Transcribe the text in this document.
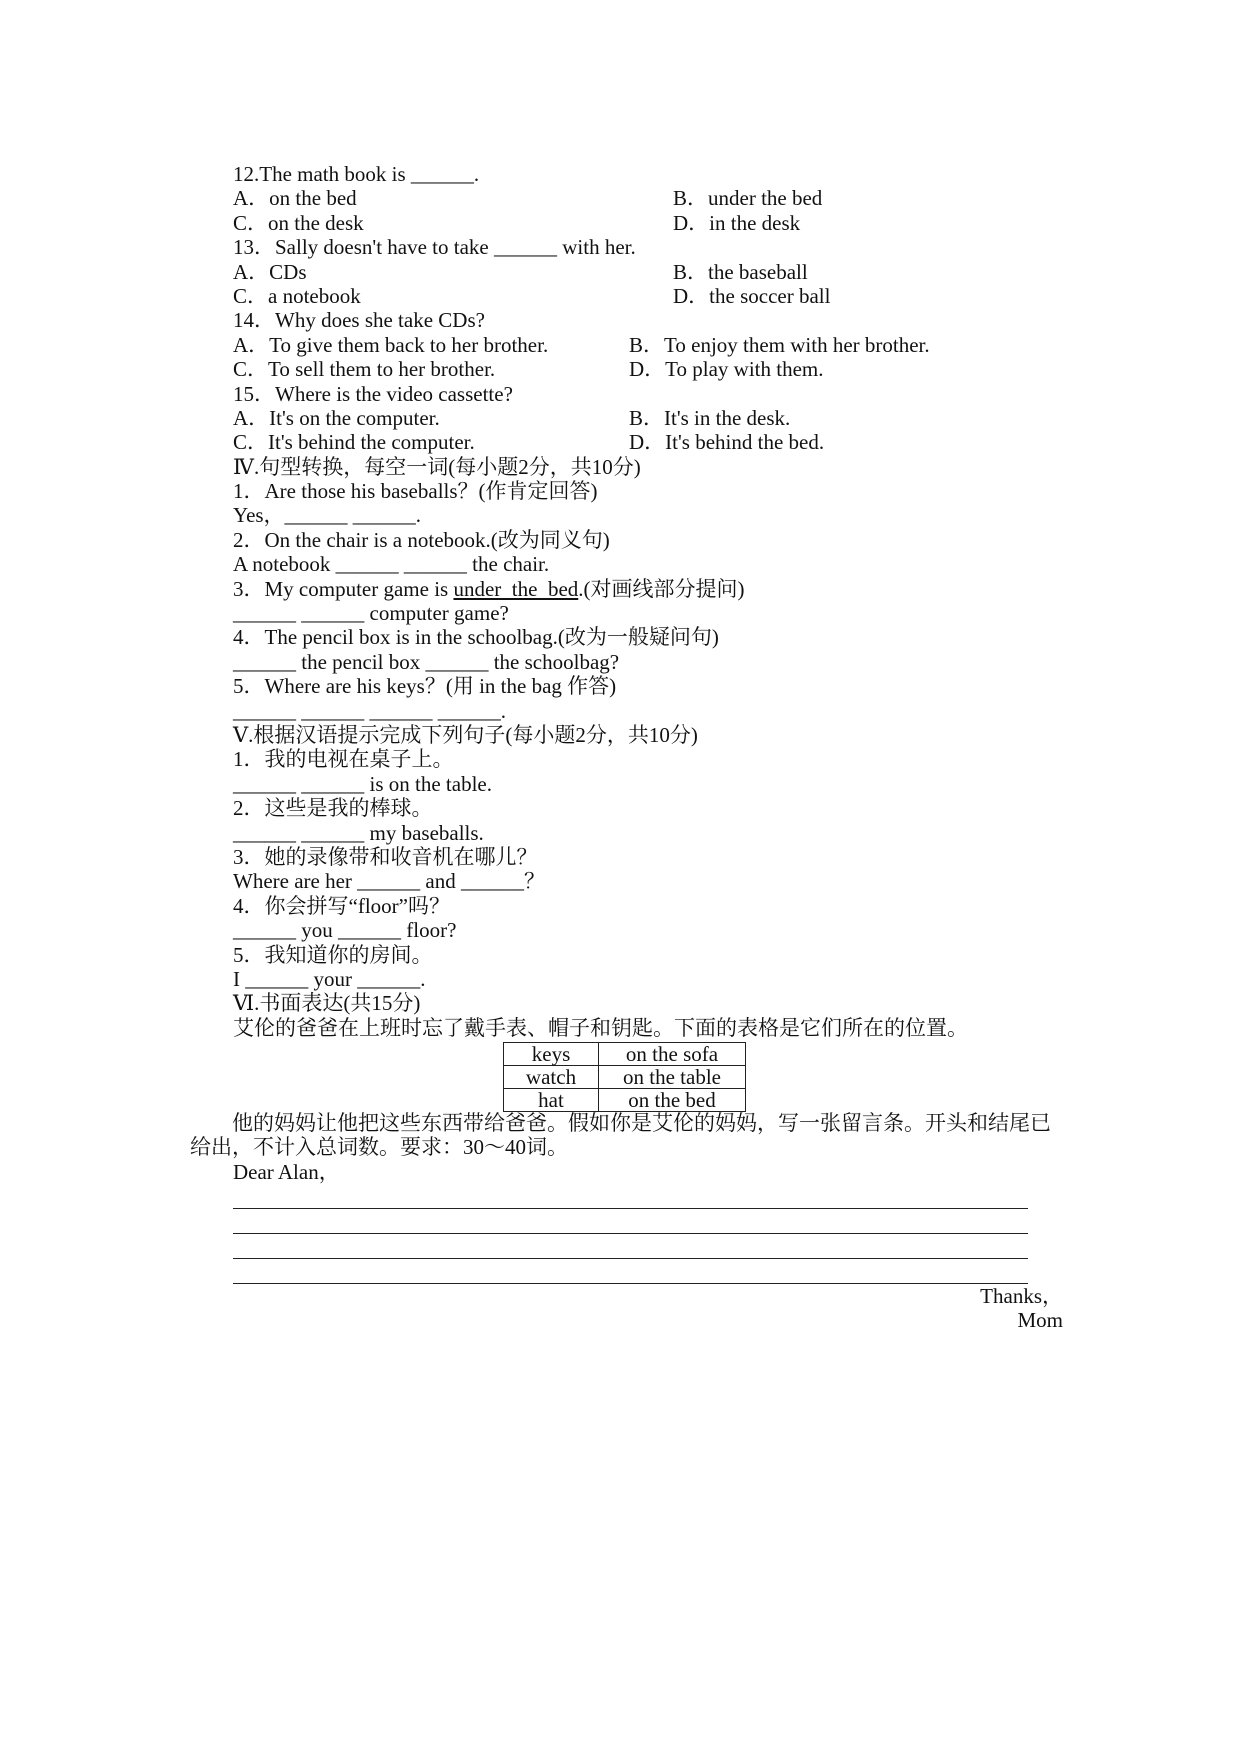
12.The math book is ______.
A．on the bed	B．under the bed
C．on the desk	D．in the desk
13．Sally doesn't have to take ______ with her.
A．CDs	B．the baseball
C．a notebook	D．the soccer ball
14．Why does she take CDs?
A．To give them back to her brother.	B．To enjoy them with her brother.
C．To sell them to her brother.	D．To play with them.
15．Where is the video cassette?
A．It's on the computer.	B．It's in the desk.
C．It's behind the computer.	D．It's behind the bed.
Ⅳ.句型转换，每空一词(每小题2分，共10分)
1．Are those his baseballs？(作肯定回答)
Yes，______ ______.
2．On the chair is a notebook.(改为同义句)
A notebook ______ ______ the chair.
3．My computer game is under  the  bed.(对画线部分提问)
______ ______ computer game?
4．The pencil box is in the schoolbag.(改为一般疑问句)
______ the pencil box ______ the schoolbag?
5．Where are his keys？(用 in the bag 作答)
______ ______ ______ ______.
Ⅴ.根据汉语提示完成下列句子(每小题2分，共10分)
1．我的电视在桌子上。
______ ______ is on the table.
2．这些是我的棒球。
______ ______ my baseballs.
3．她的录像带和收音机在哪儿？
Where are her ______ and ______？
4．你会拼写“floor”吗？
______ you ______ floor?
5．我知道你的房间。
I ______ your ______.
Ⅵ.书面表达(共15分)
艾伦的爸爸在上班时忘了戴手表、帽子和钥匙。下面的表格是它们所在的位置。
keys	on the sofa
watch	on the table
hat	on the bed
他的妈妈让他把这些东西带给爸爸。假如你是艾伦的妈妈，写一张留言条。开头和结尾已给出，不计入总词数。要求：30～40词。
Dear Alan，
Thanks，
Mom
